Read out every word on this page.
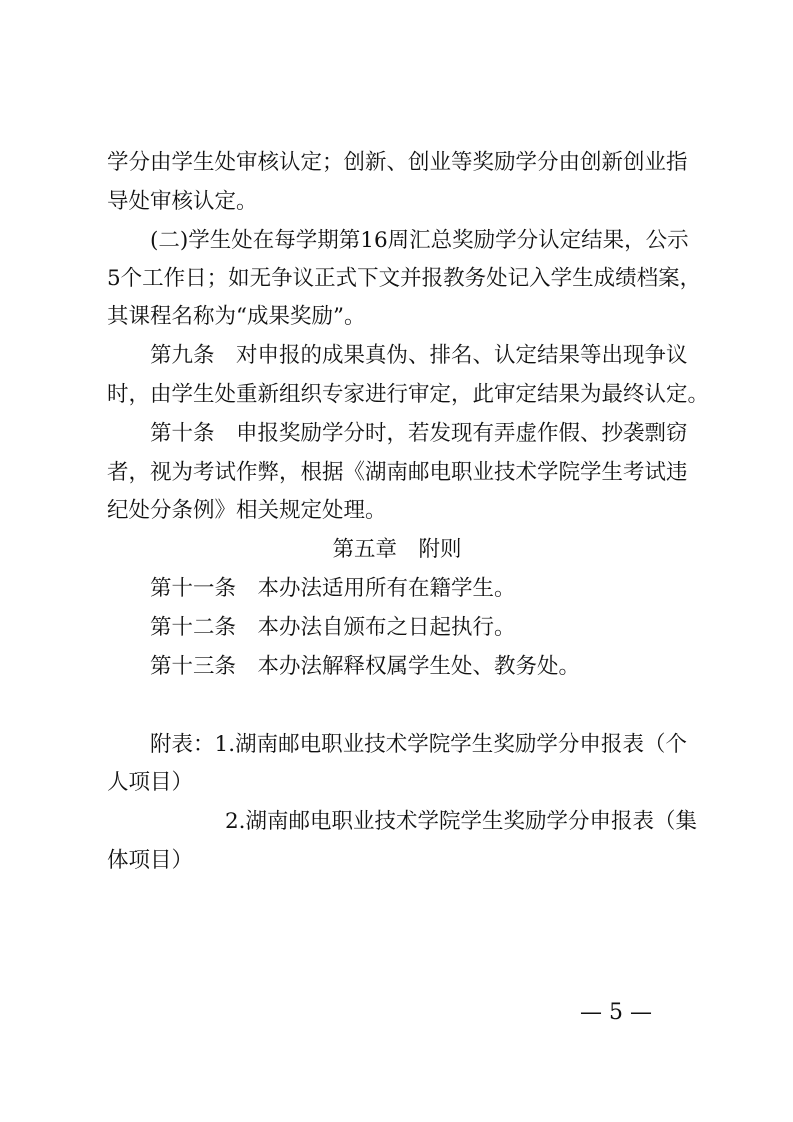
学分由学生处审核认定；创新、创业等奖励学分由创新创业指
导处审核认定。
(二)学生处在每学期第16周汇总奖励学分认定结果，公示
5个工作日；如无争议正式下文并报教务处记入学生成绩档案，
其课程名称为“成果奖励”。
第九条　对申报的成果真伪、排名、认定结果等出现争议
时，由学生处重新组织专家进行审定，此审定结果为最终认定。
第十条　申报奖励学分时，若发现有弄虚作假、抄袭剽窃
者，视为考试作弊，根据《湖南邮电职业技术学院学生考试违
纪处分条例》相关规定处理。
第五章　附则
第十一条　本办法适用所有在籍学生。
第十二条　本办法自颁布之日起执行。
第十三条　本办法解释权属学生处、教务处。
附表：1.湖南邮电职业技术学院学生奖励学分申报表（个
人项目）
2.湖南邮电职业技术学院学生奖励学分申报表（集
体项目）
— 5 —
